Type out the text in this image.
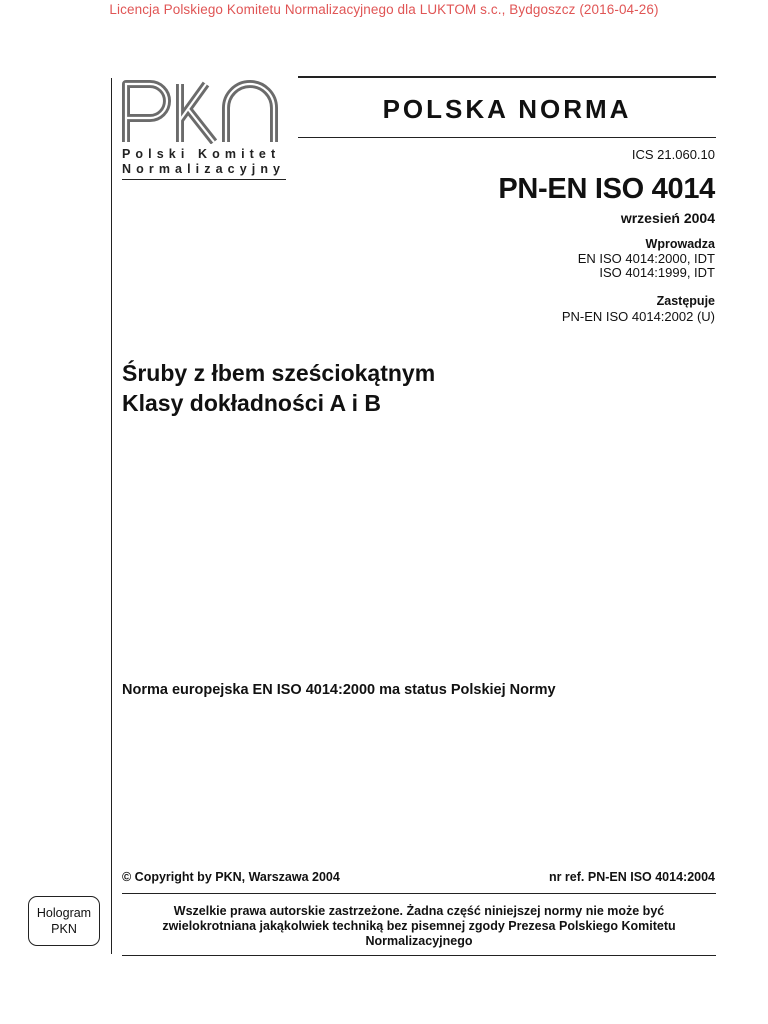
Licencja Polskiego Komitetu Normalizacyjnego dla LUKTOM s.c., Bydgoszcz (2016-04-26)
Polski Komitet
Normalizacyjny
POLSKA NORMA
ICS 21.060.10
PN-EN ISO 4014
wrzesień 2004
Wprowadza
EN ISO 4014:2000, IDT
ISO 4014:1999, IDT
Zastępuje
PN-EN ISO 4014:2002 (U)
Śruby z łbem sześciokątnym
Klasy dokładności A i B
Norma europejska EN ISO 4014:2000 ma status Polskiej Normy
© Copyright by PKN, Warszawa 2004	nr ref. PN-EN ISO 4014:2004
Wszelkie prawa autorskie zastrzeżone. Żadna część niniejszej normy nie może być
zwielokrotniana jakąkolwiek techniką bez pisemnej zgody Prezesa Polskiego Komitetu
Normalizacyjnego
Hologram
PKN
